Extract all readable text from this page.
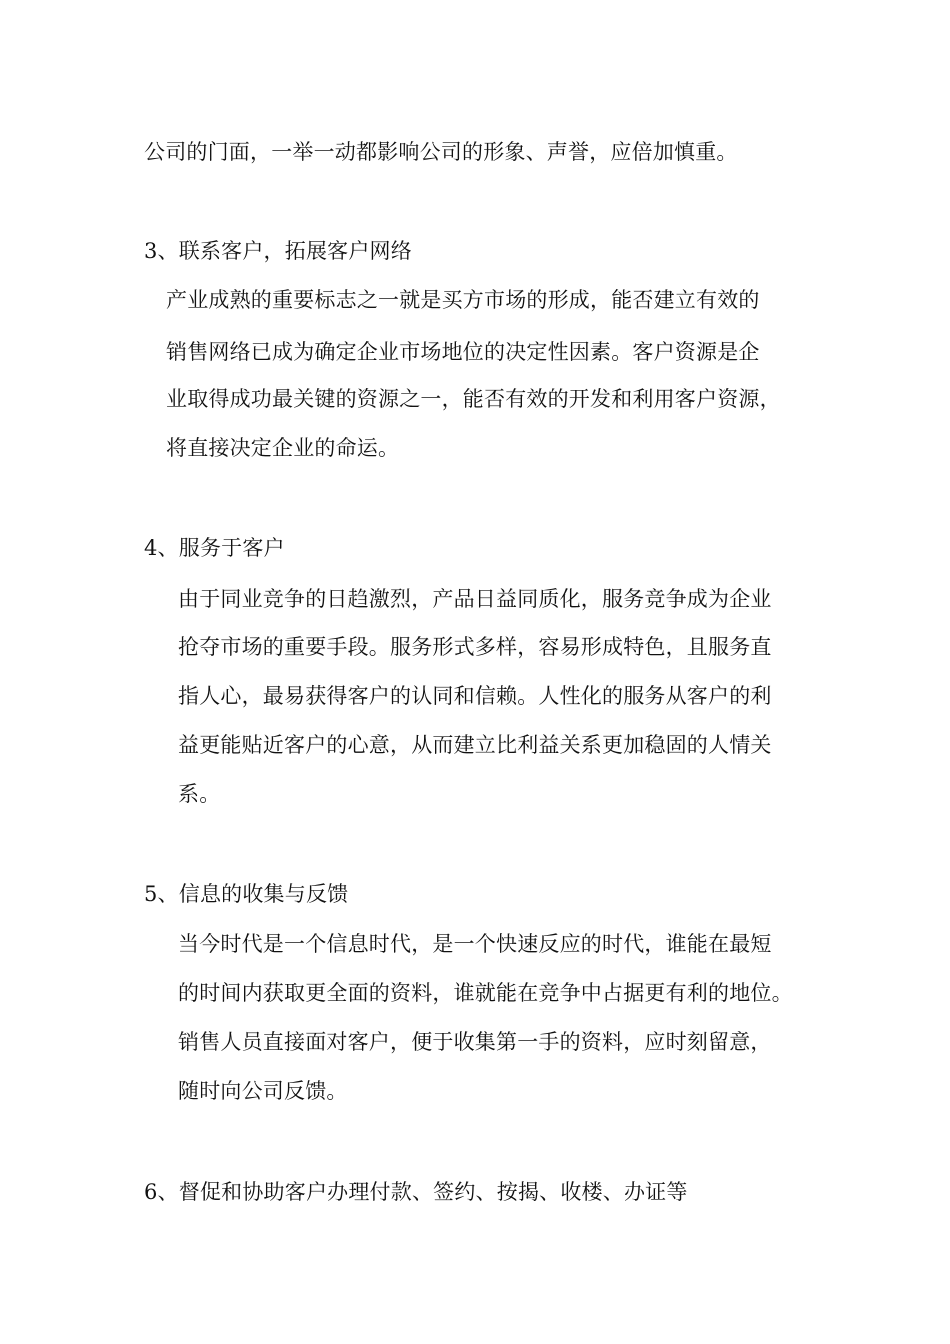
公司的门面，一举一动都影响公司的形象、声誉，应倍加慎重。
3、联系客户，拓展客户网络
产业成熟的重要标志之一就是买方市场的形成，能否建立有效的
销售网络已成为确定企业市场地位的决定性因素。客户资源是企
业取得成功最关键的资源之一，能否有效的开发和利用客户资源，
将直接决定企业的命运。
4、服务于客户
由于同业竞争的日趋激烈，产品日益同质化，服务竞争成为企业
抢夺市场的重要手段。服务形式多样，容易形成特色，且服务直
指人心，最易获得客户的认同和信赖。人性化的服务从客户的利
益更能贴近客户的心意，从而建立比利益关系更加稳固的人情关
系。
5、信息的收集与反馈
当今时代是一个信息时代，是一个快速反应的时代，谁能在最短
的时间内获取更全面的资料，谁就能在竞争中占据更有利的地位。
销售人员直接面对客户，便于收集第一手的资料，应时刻留意，
随时向公司反馈。
6、督促和协助客户办理付款、签约、按揭、收楼、办证等
